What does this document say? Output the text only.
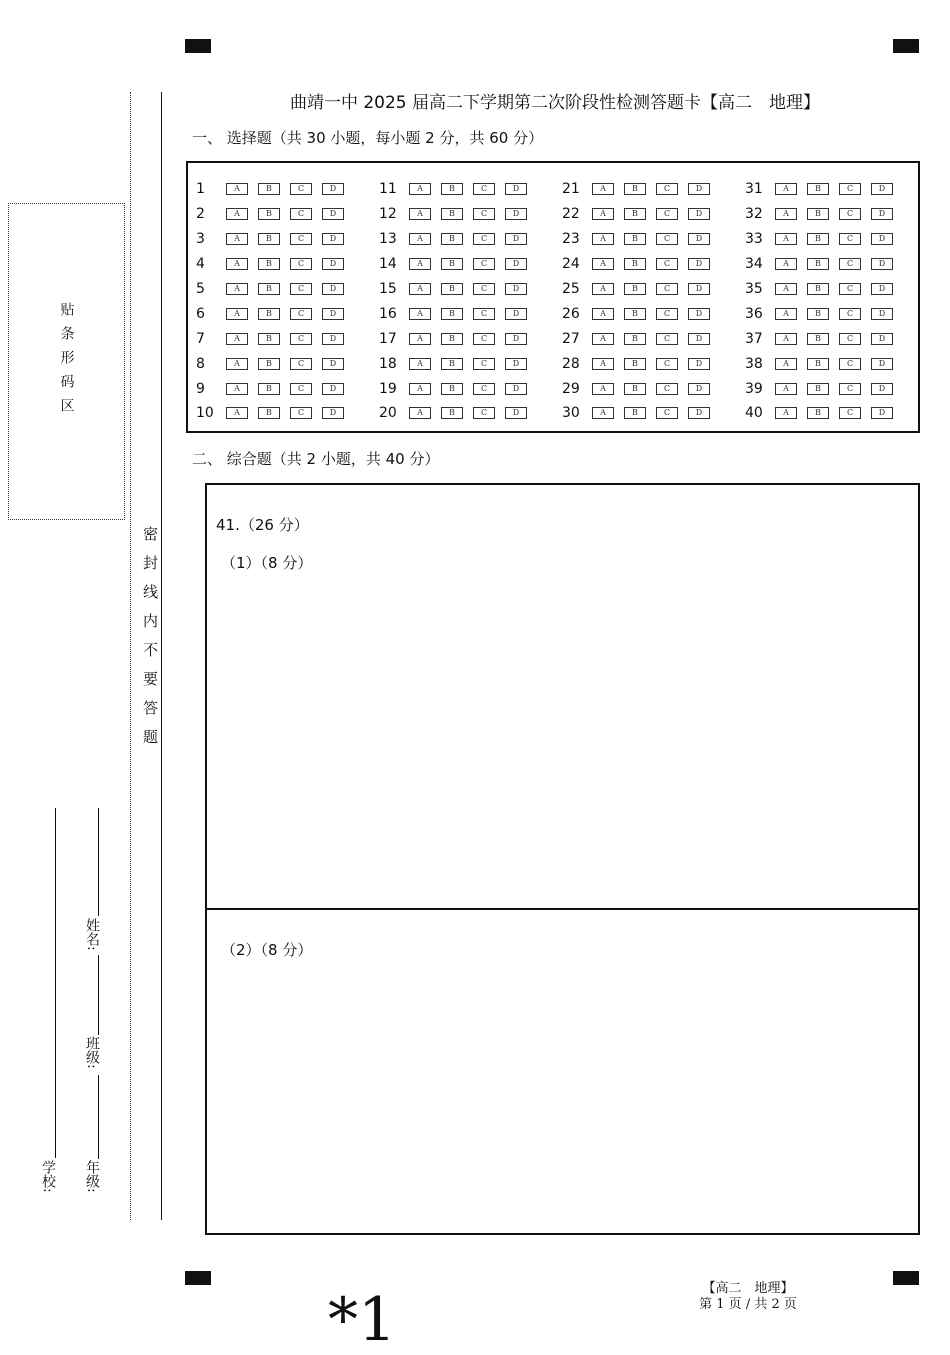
曲靖一中 2025 届高二下学期第二次阶段性检测答题卡【高二　地理】
一、 选择题（共 30 小题，每小题 2 分，共 60 分）
1	A	B	C	D
2	A	B	C	D
3	A	B	C	D
4	A	B	C	D
5	A	B	C	D
6	A	B	C	D
7	A	B	C	D
8	A	B	C	D
9	A	B	C	D
10	A	B	C	D
11	A	B	C	D
12	A	B	C	D
13	A	B	C	D
14	A	B	C	D
15	A	B	C	D
16	A	B	C	D
17	A	B	C	D
18	A	B	C	D
19	A	B	C	D
20	A	B	C	D
21	A	B	C	D
22	A	B	C	D
23	A	B	C	D
24	A	B	C	D
25	A	B	C	D
26	A	B	C	D
27	A	B	C	D
28	A	B	C	D
29	A	B	C	D
30	A	B	C	D
31	A	B	C	D
32	A	B	C	D
33	A	B	C	D
34	A	B	C	D
35	A	B	C	D
36	A	B	C	D
37	A	B	C	D
38	A	B	C	D
39	A	B	C	D
40	A	B	C	D
二、 综合题（共 2 小题，共 40 分）
41.（26 分）
（1）（8 分）
（2）（8 分）
贴条形码区
密封线内不要答题
学校: 年级:
班级:
姓名:
【高二　地理】
第 1 页 / 共 2 页
*1
